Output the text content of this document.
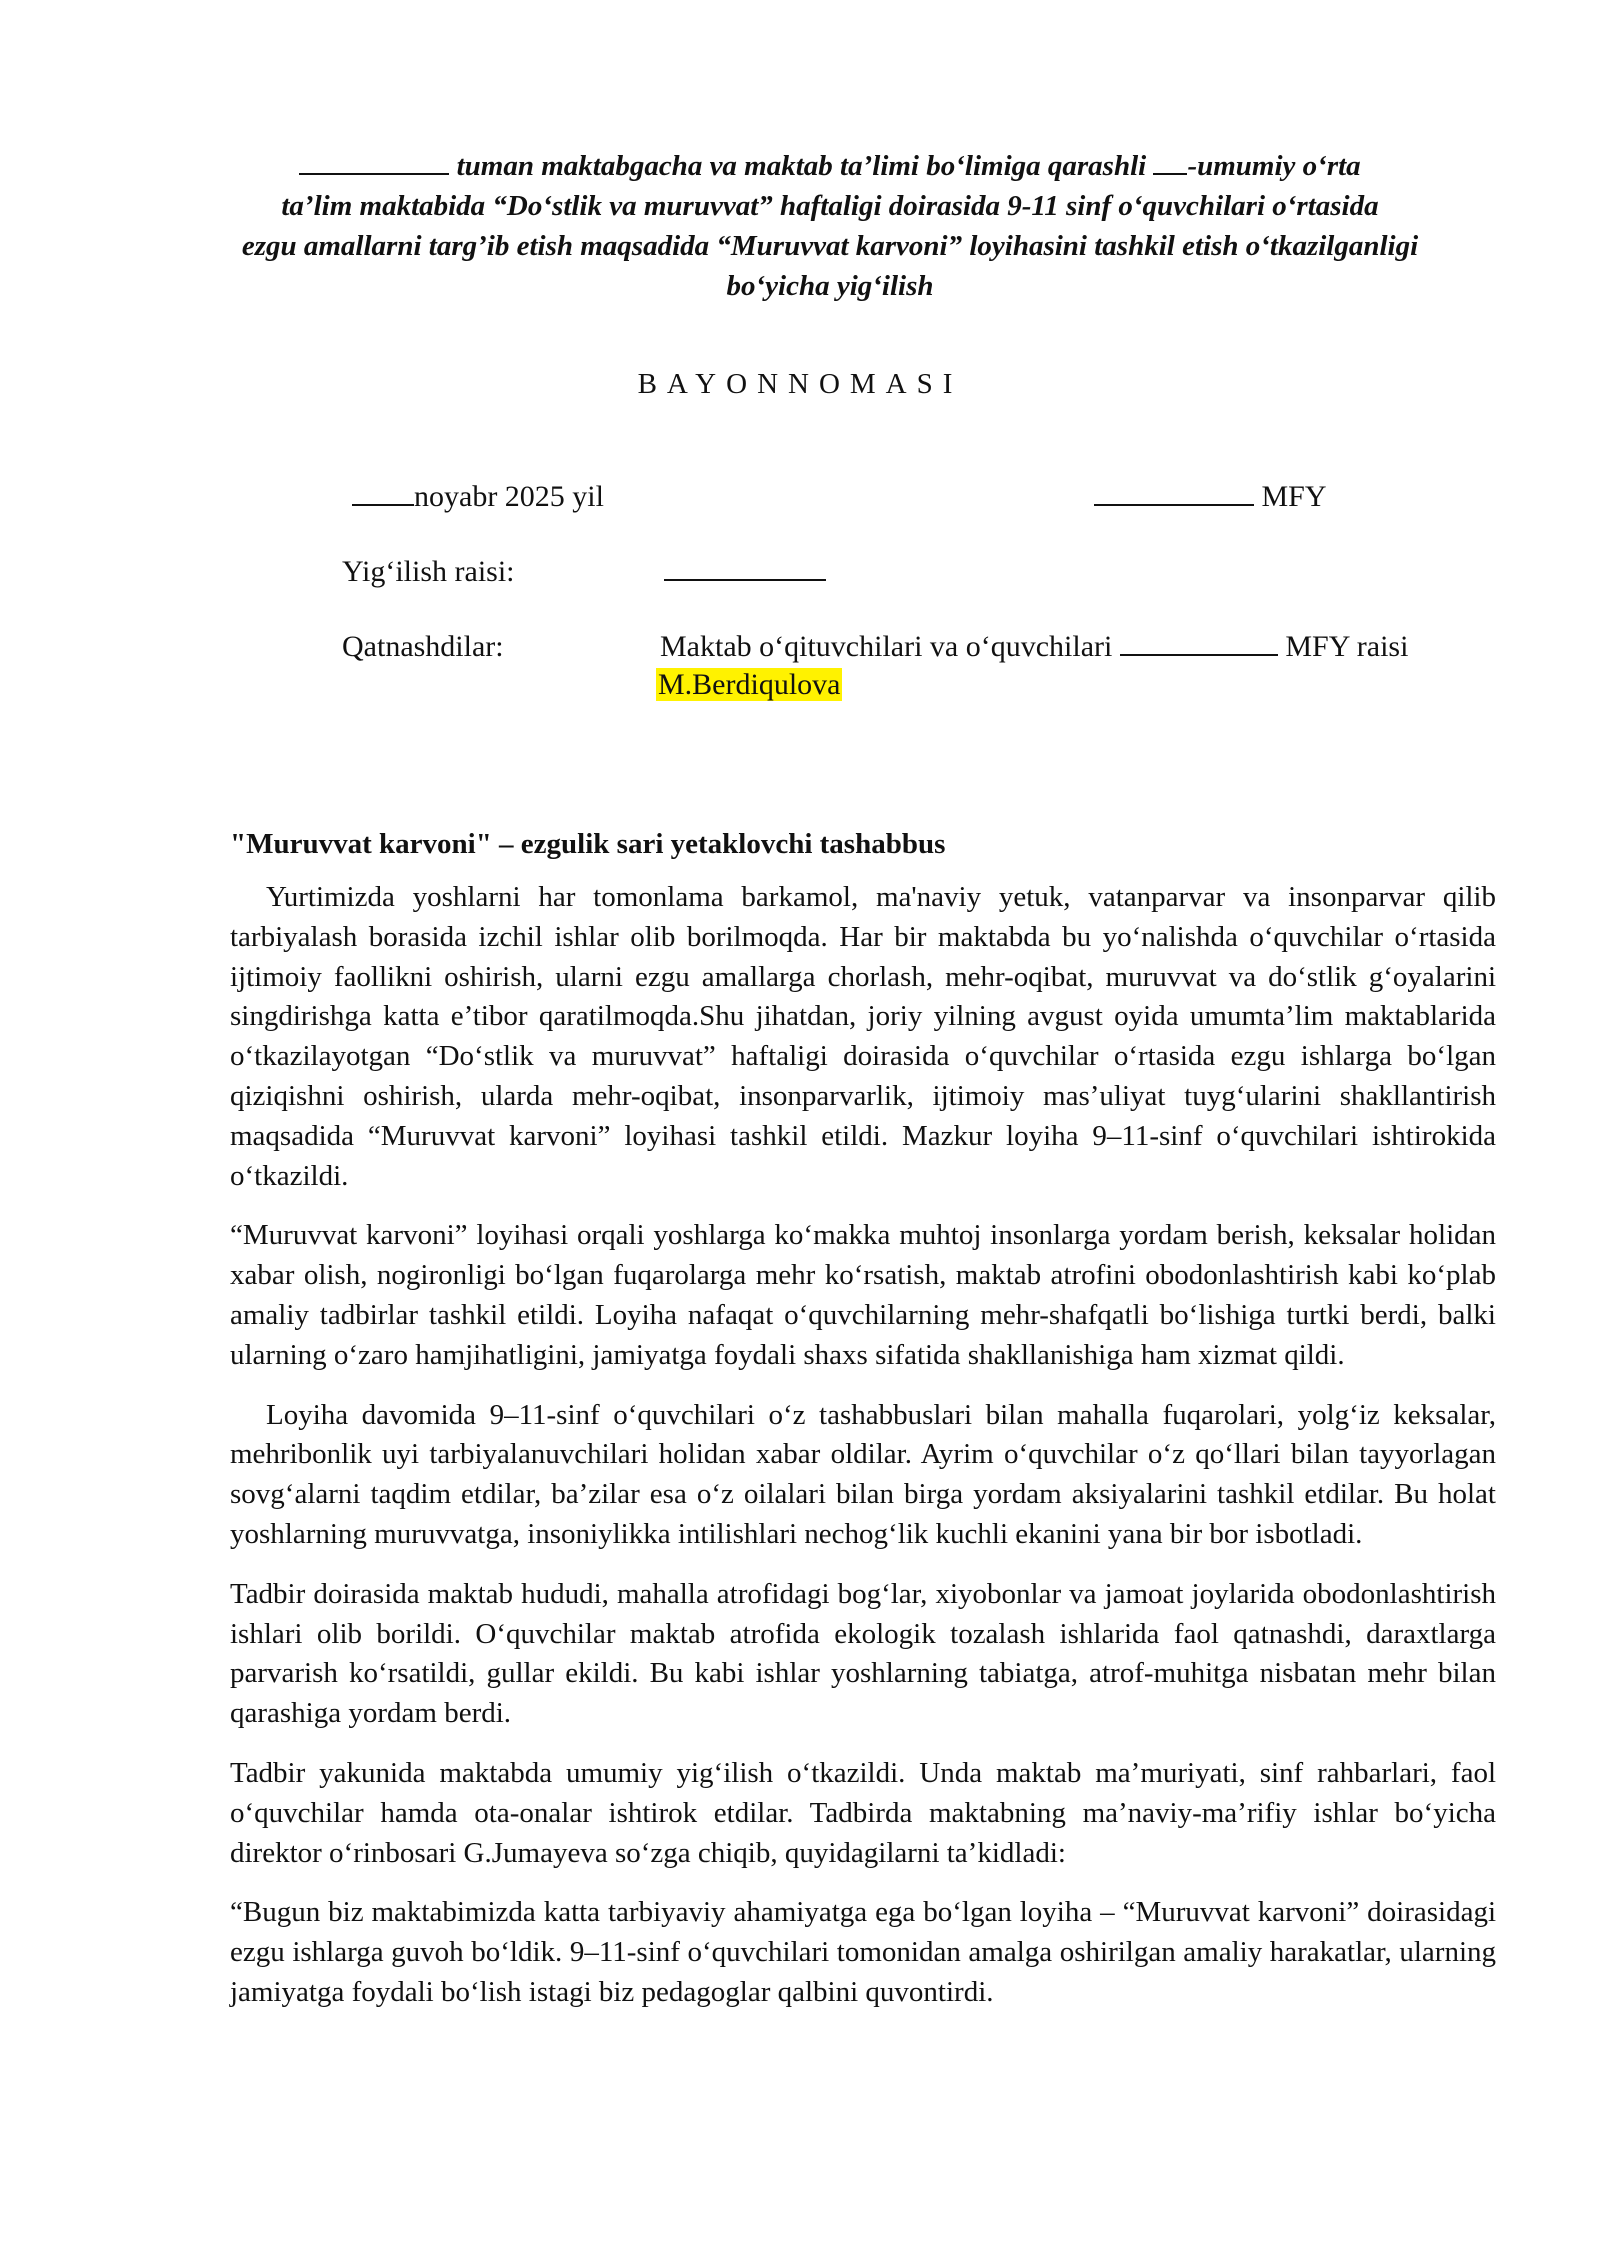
tuman maktabgacha va maktab ta’limi bo‘limiga qarashli -umumiy o‘rta
ta’lim maktabida “Do‘stlik va muruvvat” haftaligi doirasida 9-11 sinf o‘quvchilari o‘rtasida
ezgu amallarni targ’ib etish maqsadida “Muruvvat karvoni” loyihasini tashkil etish o‘tkazilganligi
bo‘yicha yig‘ilish
BAYONNOMASI
noyabr 2025 yil	MFY
Yig‘ilish raisi:
Qatnashdilar:	Maktab o‘qituvchilari va o‘quvchilari	MFY raisi
M.Berdiqulova
"Muruvvat karvoni" – ezgulik sari yetaklovchi tashabbus

Yurtimizda yoshlarni har tomonlama barkamol, ma'naviy yetuk, vatanparvar va insonparvar qilib tarbiyalash borasida izchil ishlar olib borilmoqda. Har bir maktabda bu yo‘nalishda o‘quvchilar o‘rtasida ijtimoiy faollikni oshirish, ularni ezgu amallarga chorlash, mehr-oqibat, muruvvat va do‘stlik g‘oyalarini singdirishga katta e’tibor qaratilmoqda.Shu jihatdan, joriy yilning avgust oyida umumta’lim maktablarida o‘tkazilayotgan “Do‘stlik va muruvvat” haftaligi doirasida o‘quvchilar o‘rtasida ezgu ishlarga bo‘lgan qiziqishni oshirish, ularda mehr-oqibat, insonparvarlik, ijtimoiy mas’uliyat tuyg‘ularini shakllantirish maqsadida “Muruvvat karvoni” loyihasi tashkil etildi. Mazkur loyiha 9–11-sinf o‘quvchilari ishtirokida o‘tkazildi.

“Muruvvat karvoni” loyihasi orqali yoshlarga ko‘makka muhtoj insonlarga yordam berish, keksalar holidan xabar olish, nogironligi bo‘lgan fuqarolarga mehr ko‘rsatish, maktab atrofini obodonlashtirish kabi ko‘plab amaliy tadbirlar tashkil etildi. Loyiha nafaqat o‘quvchilarning mehr-shafqatli bo‘lishiga turtki berdi, balki ularning o‘zaro hamjihatligini, jamiyatga foydali shaxs sifatida shakllanishiga ham xizmat qildi.

Loyiha davomida 9–11-sinf o‘quvchilari o‘z tashabbuslari bilan mahalla fuqarolari, yolg‘iz keksalar, mehribonlik uyi tarbiyalanuvchilari holidan xabar oldilar. Ayrim o‘quvchilar o‘z qo‘llari bilan tayyorlagan sovg‘alarni taqdim etdilar, ba’zilar esa o‘z oilalari bilan birga yordam aksiyalarini tashkil etdilar. Bu holat yoshlarning muruvvatga, insoniylikka intilishlari nechog‘lik kuchli ekanini yana bir bor isbotladi.

Tadbir doirasida maktab hududi, mahalla atrofidagi bog‘lar, xiyobonlar va jamoat joylarida obodonlashtirish ishlari olib borildi. O‘quvchilar maktab atrofida ekologik tozalash ishlarida faol qatnashdi, daraxtlarga parvarish ko‘rsatildi, gullar ekildi. Bu kabi ishlar yoshlarning tabiatga, atrof-muhitga nisbatan mehr bilan qarashiga yordam berdi.

Tadbir yakunida maktabda umumiy yig‘ilish o‘tkazildi. Unda maktab ma’muriyati, sinf rahbarlari, faol o‘quvchilar hamda ota-onalar ishtirok etdilar. Tadbirda maktabning ma’naviy-ma’rifiy ishlar bo‘yicha direktor o‘rinbosari G.Jumayeva so‘zga chiqib, quyidagilarni ta’kidladi:

“Bugun biz maktabimizda katta tarbiyaviy ahamiyatga ega bo‘lgan loyiha – “Muruvvat karvoni” doirasidagi ezgu ishlarga guvoh bo‘ldik. 9–11-sinf o‘quvchilari tomonidan amalga oshirilgan amaliy harakatlar, ularning jamiyatga foydali bo‘lish istagi biz pedagoglar qalbini quvontirdi.
